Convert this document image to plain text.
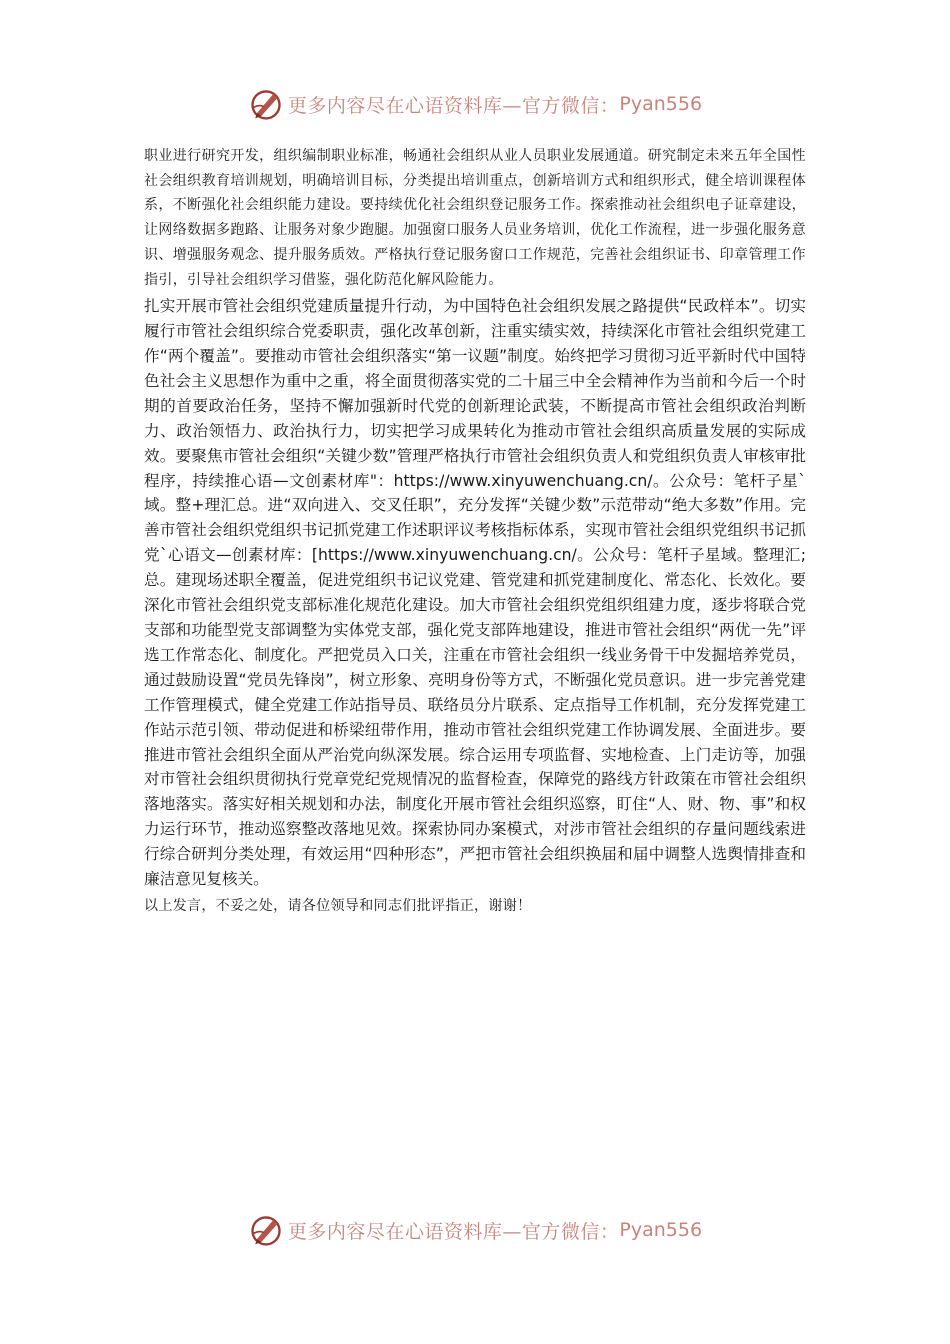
更多内容尽在心语资料库—官方微信： Pyan556

职业进行研究开发，组织编制职业标准，畅通社会组织从业人员职业发展通道。研究制定未来五年全国性社会组织教育培训规划，明确培训目标，分类提出培训重点，创新培训方式和组织形式，健全培训课程体系，不断强化社会组织能力建设。要持续优化社会组织登记服务工作。探索推动社会组织电子证章建设，让网络数据多跑路、让服务对象少跑腿。加强窗口服务人员业务培训，优化工作流程，进一步强化服务意识、增强服务观念、提升服务质效。严格执行登记服务窗口工作规范，完善社会组织证书、印章管理工作指引，引导社会组织学习借鉴，强化防范化解风险能力。

扎实开展市管社会组织党建质量提升行动，为中国特色社会组织发展之路提供“民政样本”。切实履行市管社会组织综合党委职责，强化改革创新，注重实绩实效，持续深化市管社会组织党建工作“两个覆盖”。要推动市管社会组织落实“第一议题”制度。始终把学习贯彻习近平新时代中国特色社会主义思想作为重中之重，将全面贯彻落实党的二十届三中全会精神作为当前和今后一个时期的首要政治任务，坚持不懈加强新时代党的创新理论武装，不断提高市管社会组织政治判断力、政治领悟力、政治执行力，切实把学习成果转化为推动市管社会组织高质量发展的实际成效。要聚焦市管社会组织“关键少数”管理严格执行市管社会组织负责人和党组织负责人审核审批程序，持续推心语—文创素材库"：https://www.xinyuwenchuang.cn/。公众号：笔杆子星`域。整+理汇总。进“双向进入、交叉任职”，充分发挥“关键少数”示范带动“绝大多数”作用。完善市管社会组织党组织书记抓党建工作述职评议考核指标体系，实现市管社会组织党组织书记抓党`心语文—创素材库：[https://www.xinyuwenchuang.cn/。公众号：笔杆子星域。整理汇;总。建现场述职全覆盖，促进党组织书记议党建、管党建和抓党建制度化、常态化、长效化。要深化市管社会组织党支部标准化规范化建设。加大市管社会组织党组织组建力度，逐步将联合党支部和功能型党支部调整为实体党支部，强化党支部阵地建设，推进市管社会组织“两优一先”评选工作常态化、制度化。严把党员入口关，注重在市管社会组织一线业务骨干中发掘培养党员，通过鼓励设置“党员先锋岗”，树立形象、亮明身份等方式，不断强化党员意识。进一步完善党建工作管理模式，健全党建工作站指导员、联络员分片联系、定点指导工作机制，充分发挥党建工作站示范引领、带动促进和桥梁纽带作用，推动市管社会组织党建工作协调发展、全面进步。要推进市管社会组织全面从严治党向纵深发展。综合运用专项监督、实地检查、上门走访等，加强对市管社会组织贯彻执行党章党纪党规情况的监督检查，保障党的路线方针政策在市管社会组织落地落实。落实好相关规划和办法，制度化开展市管社会组织巡察，盯住“人、财、物、事”和权力运行环节，推动巡察整改落地见效。探索协同办案模式，对涉市管社会组织的存量问题线索进行综合研判分类处理，有效运用“四种形态”，严把市管社会组织换届和届中调整人选舆情排查和廉洁意见复核关。

以上发言，不妥之处，请各位领导和同志们批评指正，谢谢！

更多内容尽在心语资料库—官方微信： Pyan556
